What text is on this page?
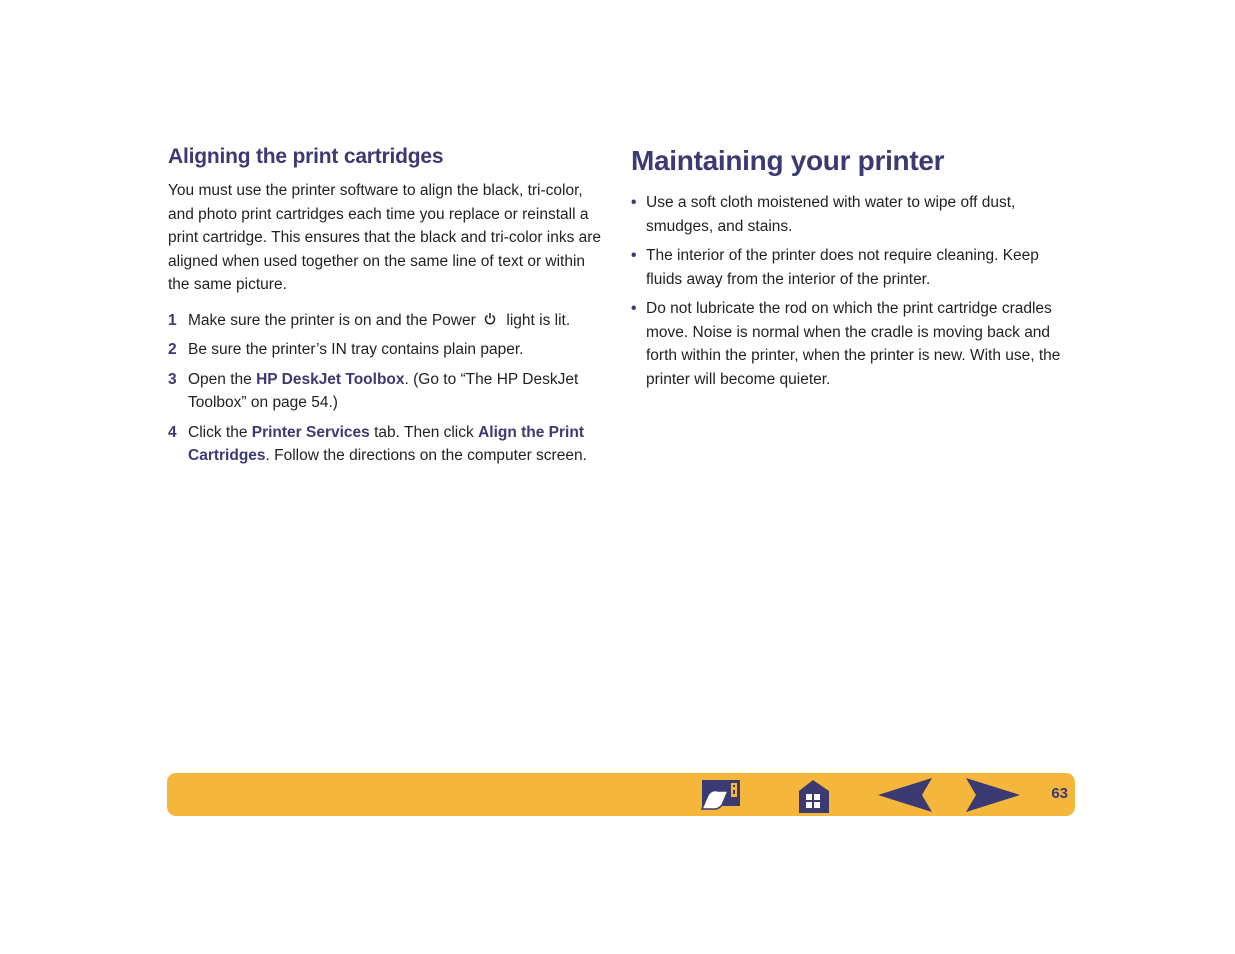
Aligning the print cartridges

You must use the printer software to align the black, tri-color, and photo print cartridges each time you replace or reinstall a print cartridge. This ensures that the black and tri-color inks are aligned when used together on the same line of text or within the same picture.

1 Make sure the printer is on and the Power light is lit.
2 Be sure the printer’s IN tray contains plain paper.
3 Open the HP DeskJet Toolbox. (Go to “The HP DeskJet Toolbox” on page 54.)
4 Click the Printer Services tab. Then click Align the Print Cartridges. Follow the directions on the computer screen.
Maintaining your printer
• Use a soft cloth moistened with water to wipe off dust, smudges, and stains.
• The interior of the printer does not require cleaning. Keep fluids away from the interior of the printer.
• Do not lubricate the rod on which the print cartridge cradles move. Noise is normal when the cradle is moving back and forth within the printer, when the printer is new. With use, the printer will become quieter.
63
